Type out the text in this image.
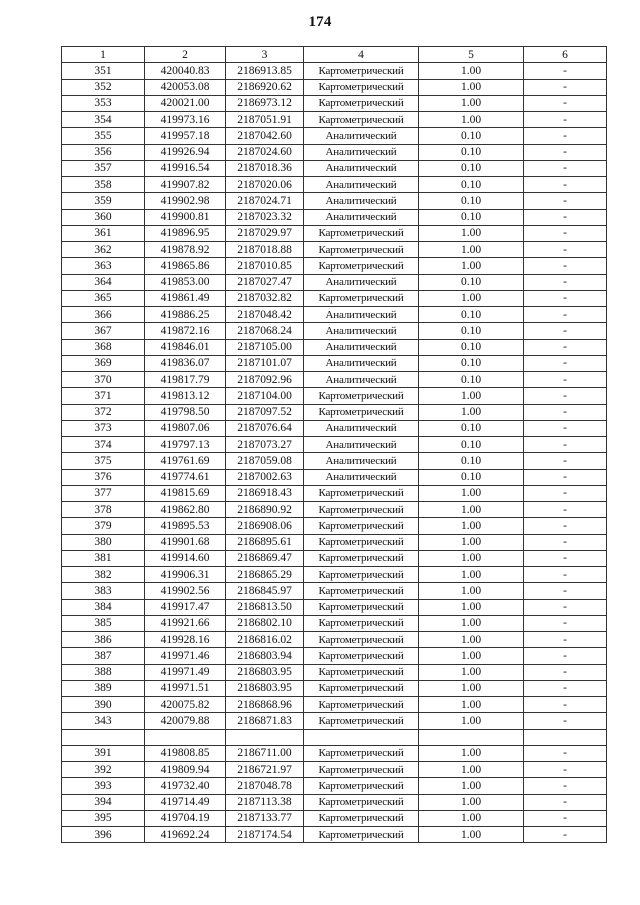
174
1	2	3	4	5	6
351	420040.83	2186913.85	Картометрический	1.00	-
352	420053.08	2186920.62	Картометрический	1.00	-
353	420021.00	2186973.12	Картометрический	1.00	-
354	419973.16	2187051.91	Картометрический	1.00	-
355	419957.18	2187042.60	Аналитический	0.10	-
356	419926.94	2187024.60	Аналитический	0.10	-
357	419916.54	2187018.36	Аналитический	0.10	-
358	419907.82	2187020.06	Аналитический	0.10	-
359	419902.98	2187024.71	Аналитический	0.10	-
360	419900.81	2187023.32	Аналитический	0.10	-
361	419896.95	2187029.97	Картометрический	1.00	-
362	419878.92	2187018.88	Картометрический	1.00	-
363	419865.86	2187010.85	Картометрический	1.00	-
364	419853.00	2187027.47	Аналитический	0.10	-
365	419861.49	2187032.82	Картометрический	1.00	-
366	419886.25	2187048.42	Аналитический	0.10	-
367	419872.16	2187068.24	Аналитический	0.10	-
368	419846.01	2187105.00	Аналитический	0.10	-
369	419836.07	2187101.07	Аналитический	0.10	-
370	419817.79	2187092.96	Аналитический	0.10	-
371	419813.12	2187104.00	Картометрический	1.00	-
372	419798.50	2187097.52	Картометрический	1.00	-
373	419807.06	2187076.64	Аналитический	0.10	-
374	419797.13	2187073.27	Аналитический	0.10	-
375	419761.69	2187059.08	Аналитический	0.10	-
376	419774.61	2187002.63	Аналитический	0.10	-
377	419815.69	2186918.43	Картометрический	1.00	-
378	419862.80	2186890.92	Картометрический	1.00	-
379	419895.53	2186908.06	Картометрический	1.00	-
380	419901.68	2186895.61	Картометрический	1.00	-
381	419914.60	2186869.47	Картометрический	1.00	-
382	419906.31	2186865.29	Картометрический	1.00	-
383	419902.56	2186845.97	Картометрический	1.00	-
384	419917.47	2186813.50	Картометрический	1.00	-
385	419921.66	2186802.10	Картометрический	1.00	-
386	419928.16	2186816.02	Картометрический	1.00	-
387	419971.46	2186803.94	Картометрический	1.00	-
388	419971.49	2186803.95	Картометрический	1.00	-
389	419971.51	2186803.95	Картометрический	1.00	-
390	420075.82	2186868.96	Картометрический	1.00	-
343	420079.88	2186871.83	Картометрический	1.00	-

391	419808.85	2186711.00	Картометрический	1.00	-
392	419809.94	2186721.97	Картометрический	1.00	-
393	419732.40	2187048.78	Картометрический	1.00	-
394	419714.49	2187113.38	Картометрический	1.00	-
395	419704.19	2187133.77	Картометрический	1.00	-
396	419692.24	2187174.54	Картометрический	1.00	-
